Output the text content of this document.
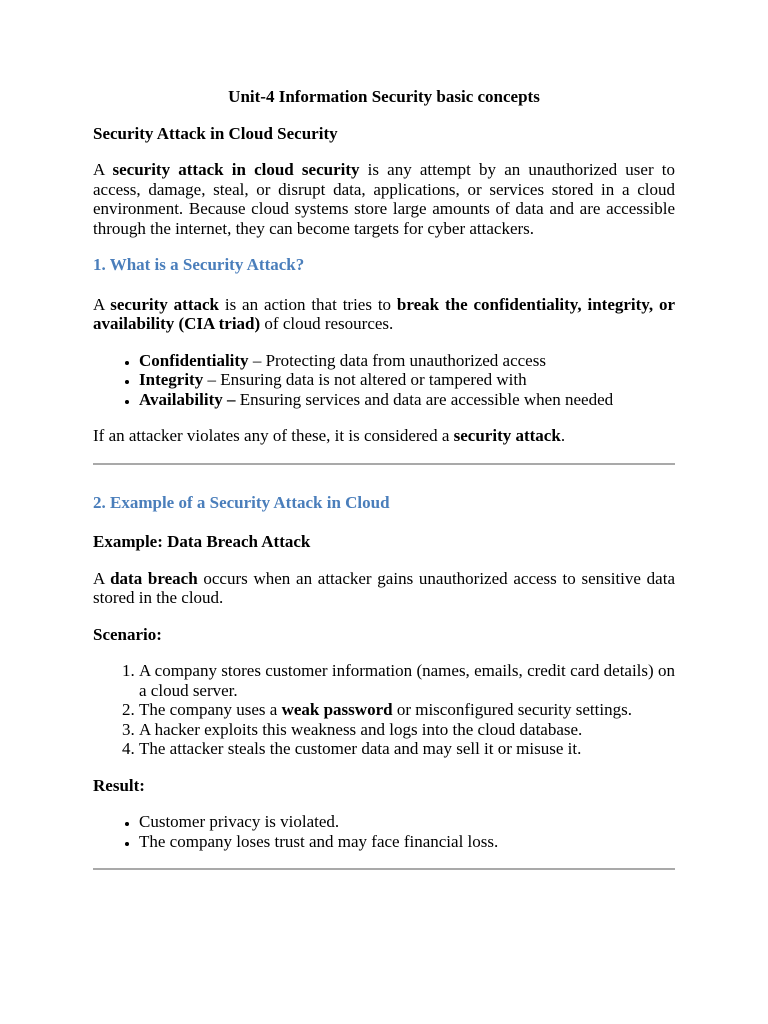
Unit-4 Information Security basic concepts
Security Attack in Cloud Security

A security attack in cloud security is any attempt by an unauthorized user to access, damage, steal, or disrupt data, applications, or services stored in a cloud environment. Because cloud systems store large amounts of data and are accessible through the internet, they can become targets for cyber attackers.

1. What is a Security Attack?

A security attack is an action that tries to break the confidentiality, integrity, or availability (CIA triad) of cloud resources.

• Confidentiality – Protecting data from unauthorized access
• Integrity – Ensuring data is not altered or tampered with
• Availability – Ensuring services and data are accessible when needed

If an attacker violates any of these, it is considered a security attack.

2. Example of a Security Attack in Cloud
Example: Data Breach Attack

A data breach occurs when an attacker gains unauthorized access to sensitive data stored in the cloud.

Scenario:
1. A company stores customer information (names, emails, credit card details) on a cloud server.
2. The company uses a weak password or misconfigured security settings.
3. A hacker exploits this weakness and logs into the cloud database.
4. The attacker steals the customer data and may sell it or misuse it.
Result:
• Customer privacy is violated.
• The company loses trust and may face financial loss.
